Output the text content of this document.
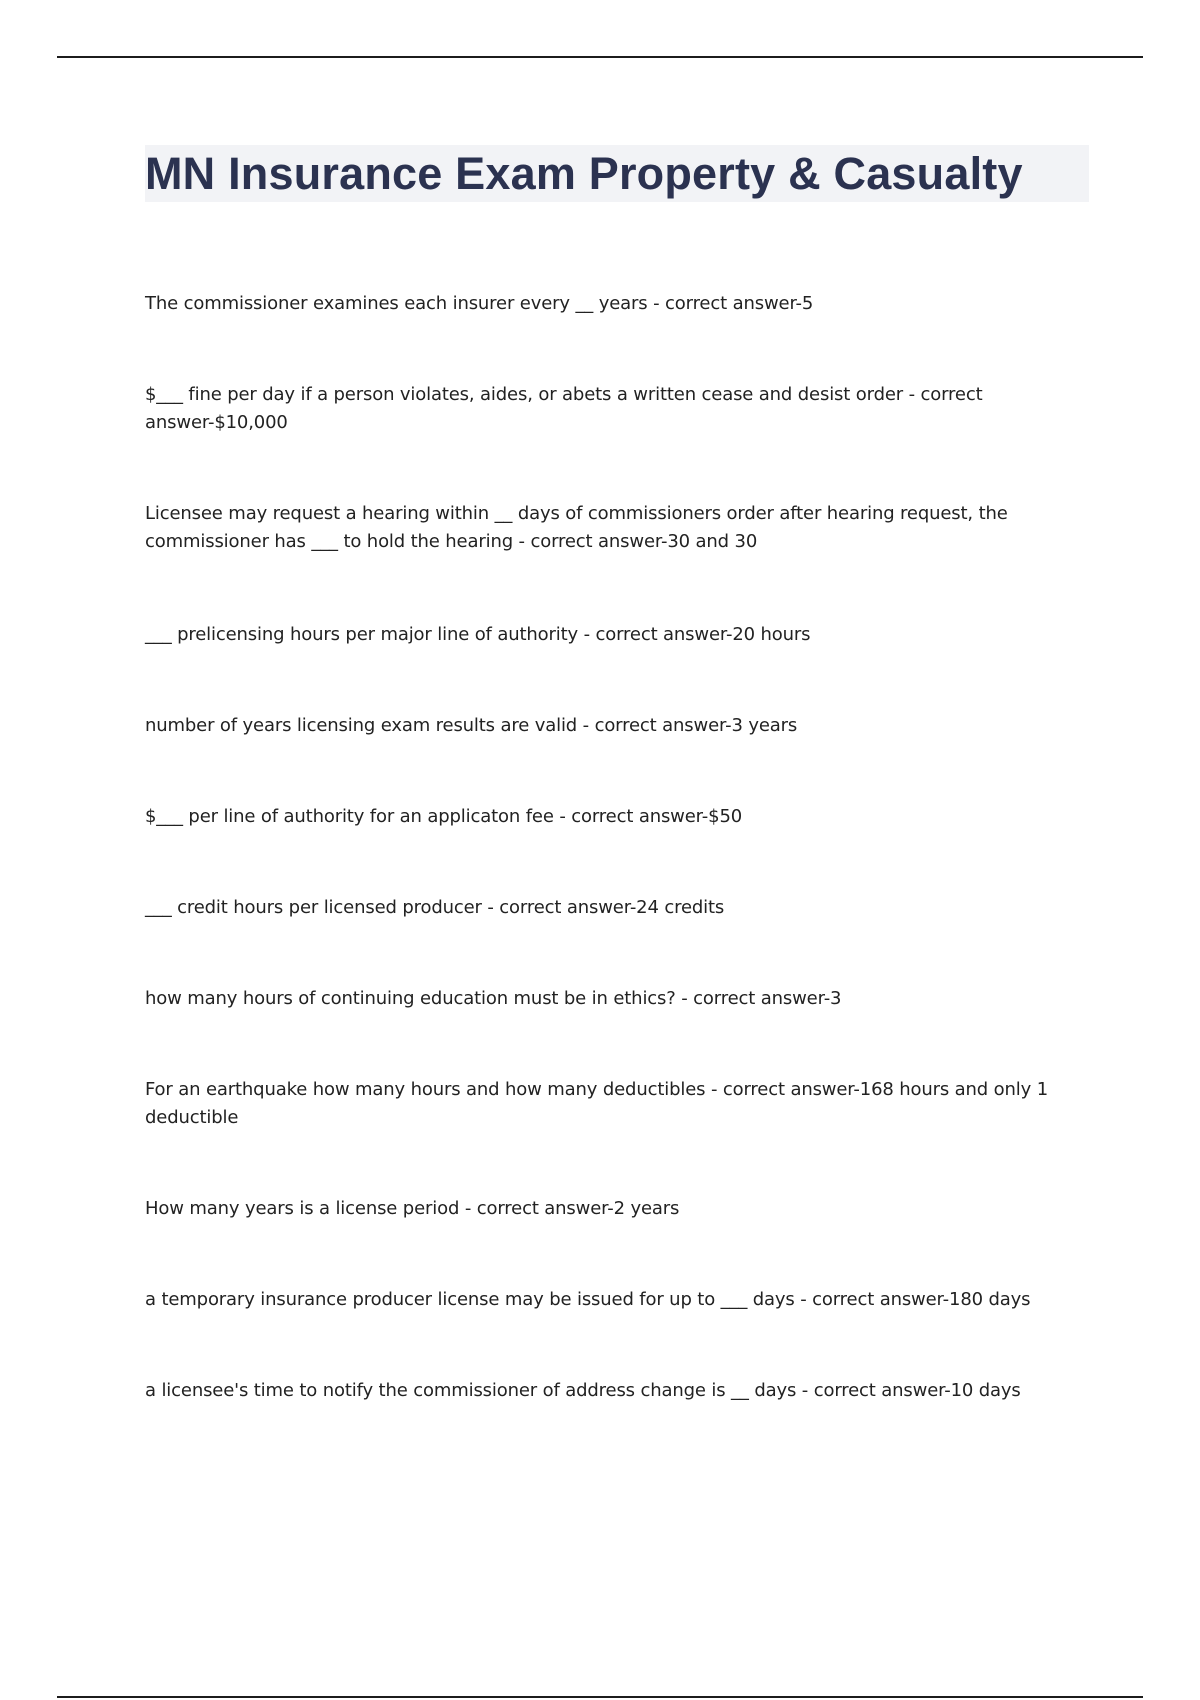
MN Insurance Exam Property & Casualty
The commissioner examines each insurer every __ years - correct answer - 5
$___ fine per day if a person violates, aides, or abets a written cease and desist order - correct answer - $10,000
Licensee may request a hearing within __ days of commissioners order after hearing request, the commissioner has ___ to hold the hearing - correct answer - 30 and 30
___ prelicensing hours per major line of authority - correct answer - 20 hours
number of years licensing exam results are valid - correct answer - 3 years
$___ per line of authority for an applicaton fee - correct answer - $50
___ credit hours per licensed producer - correct answer - 24 credits
how many hours of continuing education must be in ethics? - correct answer - 3
For an earthquake how many hours and how many deductibles - correct answer - 168 hours and only 1 deductible
How many years is a license period - correct answer - 2 years
a temporary insurance producer license may be issued for up to ___ days - correct answer - 180 days
a licensee's time to notify the commissioner of address change is __ days - correct answer - 10 days
